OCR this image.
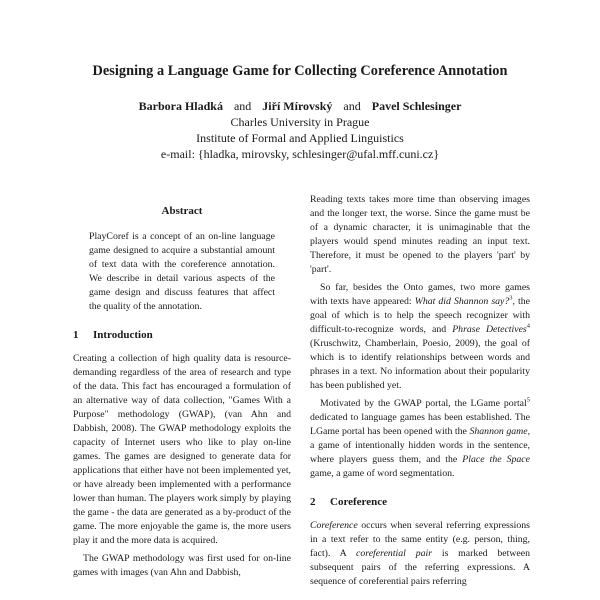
Designing a Language Game for Collecting Coreference Annotation
Barbora Hladká and Jiří Mírovský and Pavel Schlesinger
Charles University in Prague
Institute of Formal and Applied Linguistics
e-mail: {hladka, mirovsky, schlesinger@ufal.mff.cuni.cz}
Abstract

PlayCoref is a concept of an on-line language game designed to acquire a substantial amount of text data with the coreference annotation. We describe in detail various aspects of the game design and discuss features that affect the quality of the annotation.

1 Introduction

Creating a collection of high quality data is resource-demanding regardless of the area of research and type of the data. This fact has encouraged a formulation of an alternative way of data collection, "Games With a Purpose" methodology (GWAP), (van Ahn and Dabbish, 2008). The GWAP methodology exploits the capacity of Internet users who like to play on-line games. The games are designed to generate data for applications that either have not been implemented yet, or have already been implemented with a performance lower than human. The players work simply by playing the game - the data are generated as a by-product of the game. The more enjoyable the game is, the more users play it and the more data is acquired.

The GWAP methodology was first used for on-line games with images (van Ahn and Dabbish,

Reading texts takes more time than observing images and the longer text, the worse. Since the game must be of a dynamic character, it is unimaginable that the players would spend minutes reading an input text. Therefore, it must be opened to the players 'part' by 'part'.

So far, besides the Onto games, two more games with texts have appeared: What did Shannon say?$^3$, the goal of which is to help the speech recognizer with difficult-to-recognize words, and Phrase Detectives$^4$ (Kruschwitz, Chamberlain, Poesio, 2009), the goal of which is to identify relationships between words and phrases in a text. No information about their popularity has been published yet.

Motivated by the GWAP portal, the LGame portal$^5$ dedicated to language games has been established. The LGame portal has been opened with the Shannon game, a game of intentionally hidden words in the sentence, where players guess them, and the Place the Space game, a game of word segmentation.

2 Coreference

Coreference occurs when several referring expressions in a text refer to the same entity (e.g. person, thing, fact). A coreferential pair is marked between subsequent pairs of the referring expressions. A sequence of coreferential pairs referring
